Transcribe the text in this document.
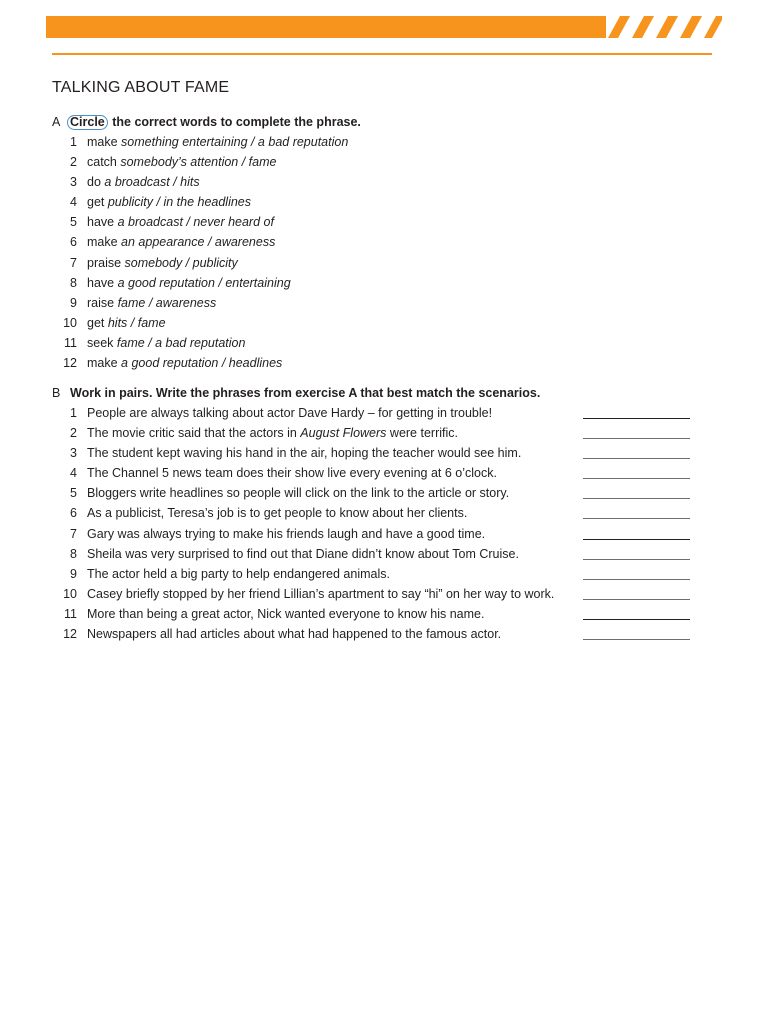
TALKING ABOUT FAME
A Circle the correct words to complete the phrase.
1 make something entertaining / a bad reputation
2 catch somebody’s attention / fame
3 do a broadcast / hits
4 get publicity / in the headlines
5 have a broadcast / never heard of
6 make an appearance / awareness
7 praise somebody / publicity
8 have a good reputation / entertaining
9 raise fame / awareness
10 get hits / fame
11 seek fame / a bad reputation
12 make a good reputation / headlines
B Work in pairs. Write the phrases from exercise A that best match the scenarios.
1 People are always talking about actor Dave Hardy – for getting in trouble!
2 The movie critic said that the actors in August Flowers were terrific.
3 The student kept waving his hand in the air, hoping the teacher would see him.
4 The Channel 5 news team does their show live every evening at 6 o’clock.
5 Bloggers write headlines so people will click on the link to the article or story.
6 As a publicist, Teresa’s job is to get people to know about her clients.
7 Gary was always trying to make his friends laugh and have a good time.
8 Sheila was very surprised to find out that Diane didn’t know about Tom Cruise.
9 The actor held a big party to help endangered animals.
10 Casey briefly stopped by her friend Lillian’s apartment to say “hi” on her way to work.
11 More than being a great actor, Nick wanted everyone to know his name.
12 Newspapers all had articles about what had happened to the famous actor.
